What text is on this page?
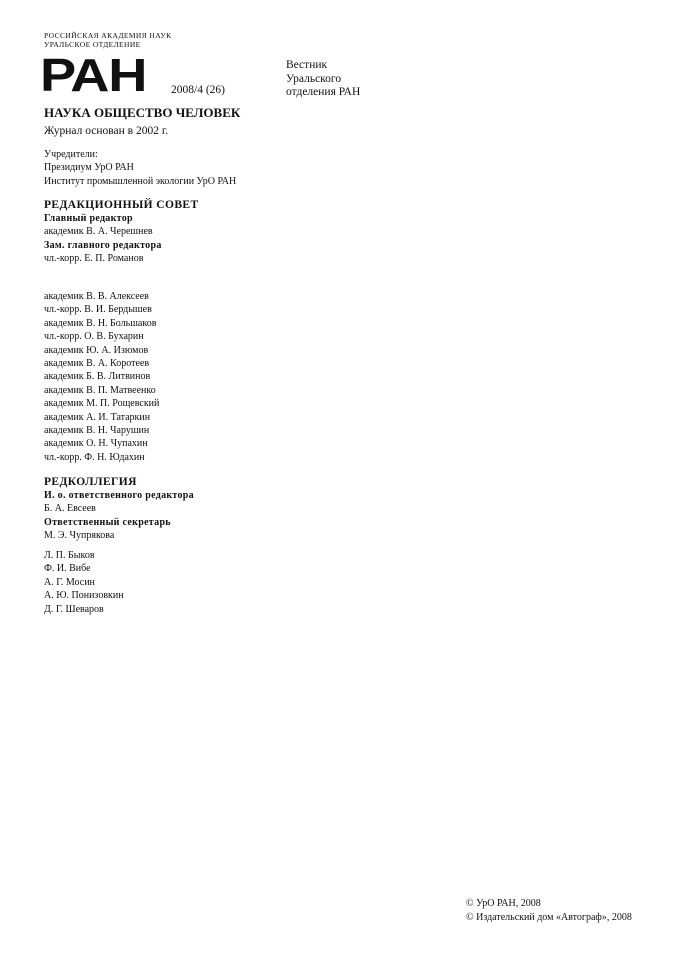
РОССИЙСКАЯ АКАДЕМИЯ НАУК
УРАЛЬСКОЕ ОТДЕЛЕНИЕ
РАН 2008/4 (26)
Вестник
Уральского
отделения РАН
НАУКА ОБЩЕСТВО ЧЕЛОВЕК
Журнал основан в 2002 г.
Учредители:
Президиум УрО РАН
Институт промышленной экологии УрО РАН
РЕДАКЦИОННЫЙ СОВЕТ
Главный редактор
академик В. А. Черешнев
Зам. главного редактора
чл.-корр. Е. П. Романов
академик В. В. Алексеев
чл.-корр. В. И. Бердышев
академик В. Н. Большаков
чл.-корр. О. В. Бухарин
академик Ю. А. Изюмов
академик В. А. Коротеев
академик Б. В. Литвинов
академик В. П. Матвеенко
академик М. П. Рощевский
академик А. И. Татаркин
академик В. Н. Чарушин
академик О. Н. Чупахин
чл.-корр. Ф. Н. Юдахин
РЕДКОЛЛЕГИЯ
И. о. ответственного редактора
Б. А. Евсеев
Ответственный секретарь
М. Э. Чупрякова
Л. П. Быков
Ф. И. Вибе
А. Г. Мосин
А. Ю. Понизовкин
Д. Г. Шеваров
© УрО РАН, 2008
© Издательский дом «Автограф», 2008
